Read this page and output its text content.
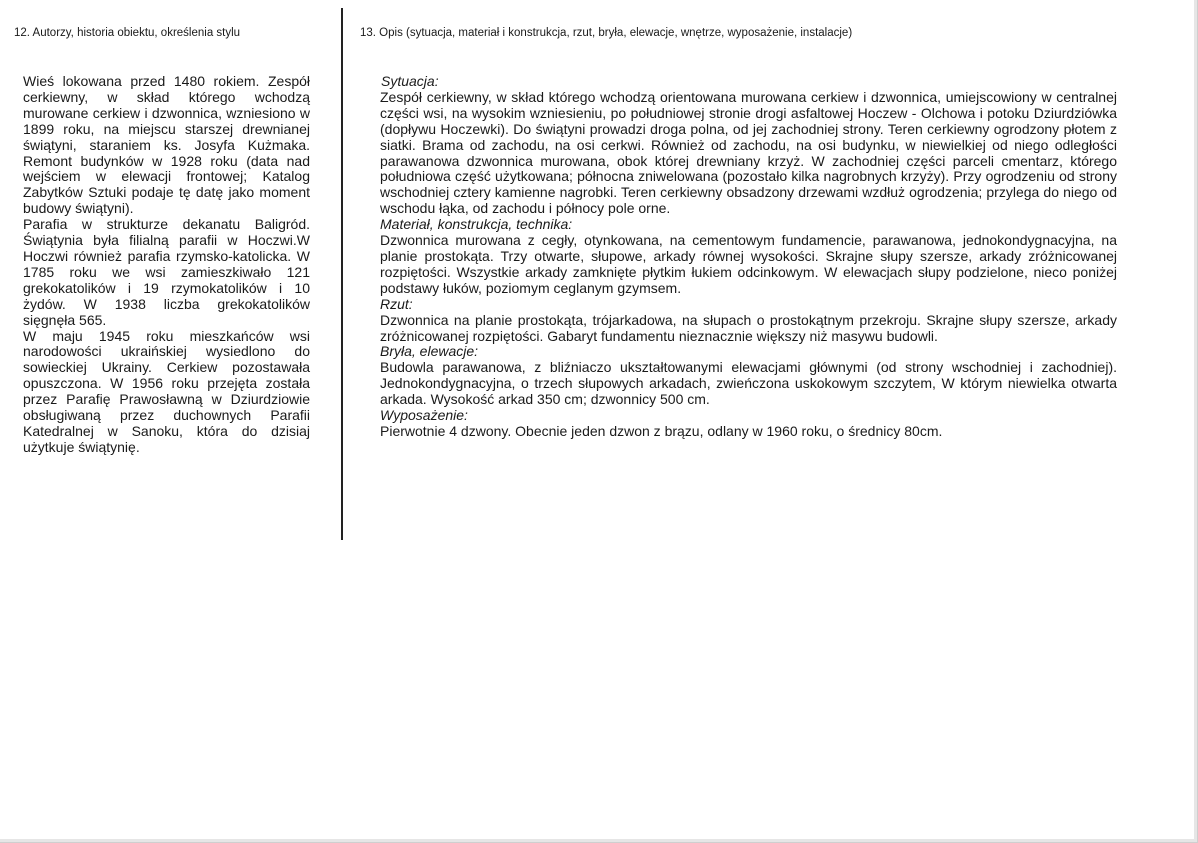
12. Autorzy, historia obiektu, określenia stylu	13. Opis (sytuacja, materiał i konstrukcja, rzut, bryła, elewacje, wnętrze, wyposażenie, instalacje)

Wieś lokowana przed 1480 rokiem. Zespół cerkiewny, w skład którego wchodzą murowane cerkiew i dzwonnica, wzniesiono w 1899 roku, na miejscu starszej drewnianej świątyni, staraniem ks. Josyfa Kużmaka. Remont budynków w 1928 roku (data nad wejściem w elewacji frontowej; Katalog Zabytków Sztuki podaje tę datę jako moment budowy świątyni).

Parafia w strukturze dekanatu Baligród. Świątynia była filialną parafii w Hoczwi.W Hoczwi również parafia rzymsko-katolicka. W 1785 roku we wsi zamieszkiwało 121 grekokatolików i 19 rzymokatolików i 10 żydów. W 1938 liczba grekokatolików sięgnęła 565.

W maju 1945 roku mieszkańców wsi narodowości ukraińskiej wysiedlono do sowieckiej Ukrainy. Cerkiew pozostawała opuszczona. W 1956 roku przejęta została przez Parafię Prawosławną w Dziurdziowie obsługiwaną przez duchownych Parafii Katedralnej w Sanoku, która do dzisiaj użytkuje świątynię.

Sytuacja:

Zespół cerkiewny, w skład którego wchodzą orientowana murowana cerkiew i dzwonnica, umiejscowiony w centralnej części wsi, na wysokim wzniesieniu, po południowej stronie drogi asfaltowej Hoczew - Olchowa i potoku Dziurdziówka (dopływu Hoczewki). Do świątyni prowadzi droga polna, od jej zachodniej strony. Teren cerkiewny ogrodzony płotem z siatki. Brama od zachodu, na osi cerkwi. Również od zachodu, na osi budynku, w niewielkiej od niego odległości parawanowa dzwonnica murowana, obok której drewniany krzyż. W zachodniej części parceli cmentarz, którego południowa część użytkowana; północna zniwelowana (pozostało kilka nagrobnych krzyży). Przy ogrodzeniu od strony wschodniej cztery kamienne nagrobki. Teren cerkiewny obsadzony drzewami wzdłuż ogrodzenia; przylega do niego od wschodu łąka, od zachodu i północy pole orne.

Materiał, konstrukcja, technika:

Dzwonnica murowana z cegły, otynkowana, na cementowym fundamencie, parawanowa, jednokondygnacyjna, na planie prostokąta. Trzy otwarte, słupowe, arkady równej wysokości. Skrajne słupy szersze, arkady zróżnicowanej rozpiętości. Wszystkie arkady zamknięte płytkim łukiem odcinkowym. W elewacjach słupy podzielone, nieco poniżej podstawy łuków, poziomym ceglanym gzymsem.

Rzut:

Dzwonnica na planie prostokąta, trójarkadowa, na słupach o prostokątnym przekroju. Skrajne słupy szersze, arkady zróżnicowanej rozpiętości. Gabaryt fundamentu nieznacznie większy niż masywu budowli.

Bryła, elewacje:

Budowla parawanowa, z bliźniaczo ukształtowanymi elewacjami głównymi (od strony wschodniej i zachodniej). Jednokondygnacyjna, o trzech słupowych arkadach, zwieńczona uskokowym szczytem, W którym niewielka otwarta arkada. Wysokość arkad 350 cm; dzwonnicy 500 cm.

Wyposażenie:

Pierwotnie 4 dzwony. Obecnie jeden dzwon z brązu, odlany w 1960 roku, o średnicy 80cm.
